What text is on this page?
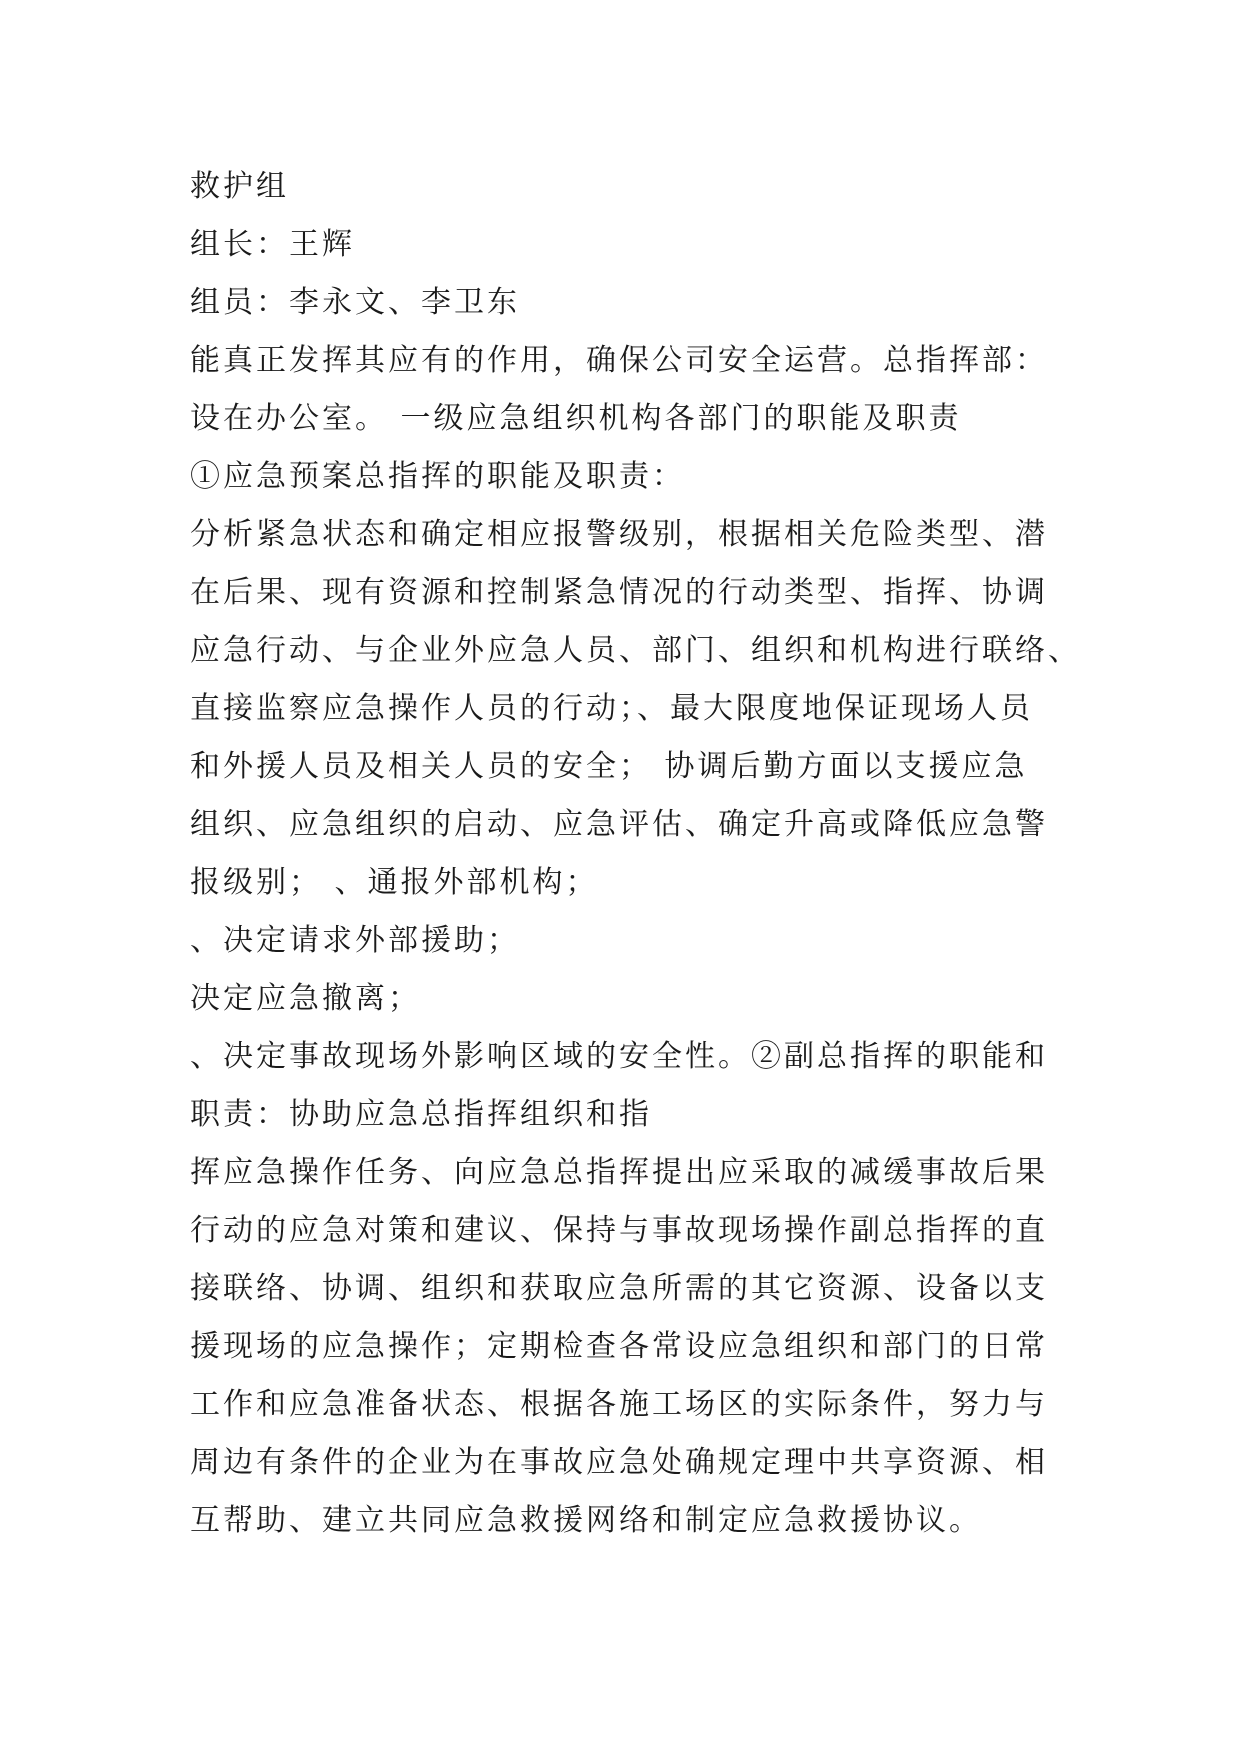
救护组
组长：王辉
组员：李永文、李卫东
能真正发挥其应有的作用，确保公司安全运营。总指挥部：
设在办公室。 一级应急组织机构各部门的职能及职责
①应急预案总指挥的职能及职责：
分析紧急状态和确定相应报警级别，根据相关危险类型、潜
在后果、现有资源和控制紧急情况的行动类型、指挥、协调
应急行动、与企业外应急人员、部门、组织和机构进行联络、
直接监察应急操作人员的行动；、最大限度地保证现场人员
和外援人员及相关人员的安全； 协调后勤方面以支援应急
组织、应急组织的启动、应急评估、确定升高或降低应急警
报级别； 、通报外部机构；
、决定请求外部援助；
决定应急撤离；
、决定事故现场外影响区域的安全性。②副总指挥的职能和
职责：协助应急总指挥组织和指
挥应急操作任务、向应急总指挥提出应采取的减缓事故后果
行动的应急对策和建议、保持与事故现场操作副总指挥的直
接联络、协调、组织和获取应急所需的其它资源、设备以支
援现场的应急操作；定期检查各常设应急组织和部门的日常
工作和应急准备状态、根据各施工场区的实际条件，努力与
周边有条件的企业为在事故应急处确规定理中共享资源、相
互帮助、建立共同应急救援网络和制定应急救援协议。
